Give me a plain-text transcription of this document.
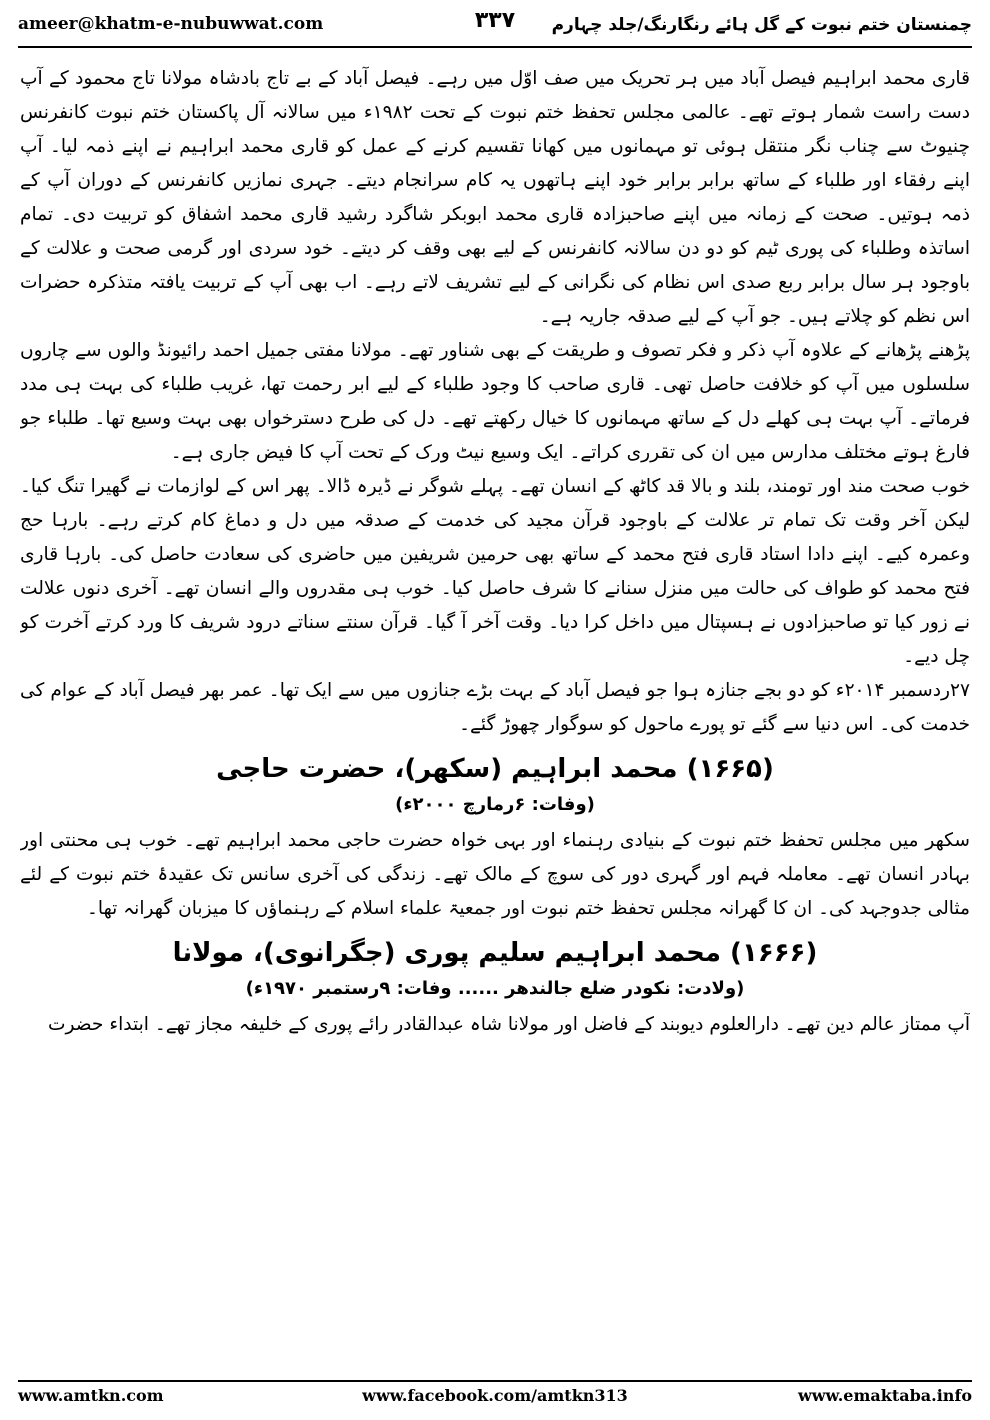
ameer@khatm-e-nubuwwat.com	۳۳۷	چمنستان ختم نبوت کے گل ہائے رنگارنگ/جلد چہارم

قاری محمد ابراہیم فیصل آباد میں ہر تحریک میں صف اوّل میں رہے۔ فیصل آباد کے بے تاج بادشاہ مولانا تاج محمود کے آپ دست راست شمار ہوتے تھے۔ عالمی مجلس تحفظ ختم نبوت کے تحت ۱۹۸۲ء میں سالانہ آل پاکستان ختم نبوت کانفرنس چنیوٹ سے چناب نگر منتقل ہوئی تو مہمانوں میں کھانا تقسیم کرنے کے عمل کو قاری محمد ابراہیم نے اپنے ذمہ لیا۔ آپ اپنے رفقاء اور طلباء کے ساتھ برابر برابر خود اپنے ہاتھوں یہ کام سرانجام دیتے۔ جہری نمازیں کانفرنس کے دوران آپ کے ذمہ ہوتیں۔ صحت کے زمانہ میں اپنے صاحبزادہ قاری محمد ابوبکر شاگرد رشید قاری محمد اشفاق کو تربیت دی۔ تمام اساتذہ وطلباء کی پوری ٹیم کو دو دن سالانہ کانفرنس کے لیے بھی وقف کر دیتے۔ خود سردی اور گرمی صحت و علالت کے باوجود ہر سال برابر ربع صدی اس نظام کی نگرانی کے لیے تشریف لاتے رہے۔ اب بھی آپ کے تربیت یافتہ متذکرہ حضرات اس نظم کو چلاتے ہیں۔ جو آپ کے لیے صدقہ جاریہ ہے۔

پڑھنے پڑھانے کے علاوہ آپ ذکر و فکر تصوف و طریقت کے بھی شناور تھے۔ مولانا مفتی جمیل احمد رائیونڈ والوں سے چاروں سلسلوں میں آپ کو خلافت حاصل تھی۔ قاری صاحب کا وجود طلباء کے لیے ابر رحمت تھا، غریب طلباء کی بہت ہی مدد فرماتے۔ آپ بہت ہی کھلے دل کے ساتھ مہمانوں کا خیال رکھتے تھے۔ دل کی طرح دسترخواں بھی بہت وسیع تھا۔ طلباء جو فارغ ہوتے مختلف مدارس میں ان کی تقرری کراتے۔ ایک وسیع نیٹ ورک کے تحت آپ کا فیض جاری ہے۔

خوب صحت مند اور تومند، بلند و بالا قد کاٹھ کے انسان تھے۔ پہلے شوگر نے ڈیرہ ڈالا۔ پھر اس کے لوازمات نے گھیرا تنگ کیا۔ لیکن آخر وقت تک تمام تر علالت کے باوجود قرآن مجید کی خدمت کے صدقہ میں دل و دماغ کام کرتے رہے۔ بارہا حج وعمرہ کیے۔ اپنے دادا استاد قاری فتح محمد کے ساتھ بھی حرمین شریفین میں حاضری کی سعادت حاصل کی۔ بارہا قاری فتح محمد کو طواف کی حالت میں منزل سنانے کا شرف حاصل کیا۔ خوب ہی مقدروں والے انسان تھے۔ آخری دنوں علالت نے زور کیا تو صاحبزادوں نے ہسپتال میں داخل کرا دیا۔ وقت آخر آ گیا۔ قرآن سنتے سناتے درود شریف کا ورد کرتے آخرت کو چل دیے۔

۲۷ردسمبر ۲۰۱۴ء کو دو بجے جنازہ ہوا جو فیصل آباد کے بہت بڑے جنازوں میں سے ایک تھا۔ عمر بھر فیصل آباد کے عوام کی خدمت کی۔ اس دنیا سے گئے تو پورے ماحول کو سوگوار چھوڑ گئے۔

(۱۶۶۵) محمد ابراہیم (سکھر)، حضرت حاجی
(وفات: ۶رمارچ ۲۰۰۰ء)

سکھر میں مجلس تحفظ ختم نبوت کے بنیادی رہنماء اور بہی خواہ حضرت حاجی محمد ابراہیم تھے۔ خوب ہی محنتی اور بہادر انسان تھے۔ معاملہ فہم اور گہری دور کی سوچ کے مالک تھے۔ زندگی کی آخری سانس تک عقیدۂ ختم نبوت کے لئے مثالی جدوجہد کی۔ ان کا گھرانہ مجلس تحفظ ختم نبوت اور جمعیۃ علماء اسلام کے رہنماؤں کا میزبان گھرانہ تھا۔

(۱۶۶۶) محمد ابراہیم سلیم پوری (جگرانوی)، مولانا
(ولادت: نکودر ضلع جالندھر ...... وفات: ۹رستمبر ۱۹۷۰ء)

آپ ممتاز عالم دین تھے۔ دارالعلوم دیوبند کے فاضل اور مولانا شاہ عبدالقادر رائے پوری کے خلیفہ مجاز تھے۔ ابتداء حضرت

www.amtkn.com	www.facebook.com/amtkn313	www.emaktaba.info
